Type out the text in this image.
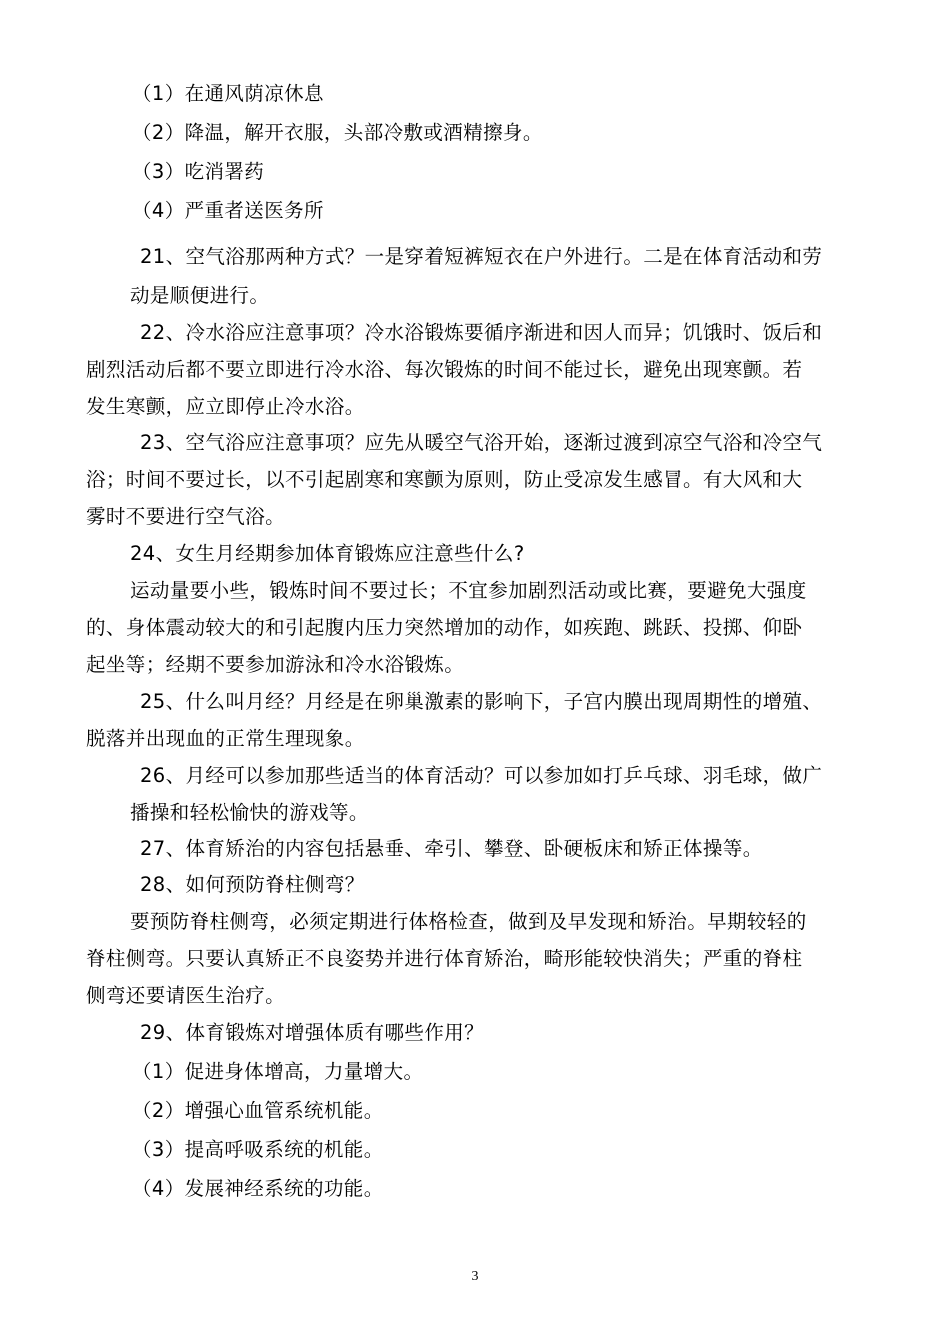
（1）在通风荫凉休息
（2）降温，解开衣服，头部冷敷或酒精擦身。
（3）吃消署药
（4）严重者送医务所
21、空气浴那两种方式？一是穿着短裤短衣在户外进行。二是在体育活动和劳
动是顺便进行。
22、冷水浴应注意事项？冷水浴锻炼要循序渐进和因人而异；饥饿时、饭后和
剧烈活动后都不要立即进行冷水浴、每次锻炼的时间不能过长，避免出现寒颤。若
发生寒颤，应立即停止冷水浴。
23、空气浴应注意事项？应先从暖空气浴开始，逐渐过渡到凉空气浴和冷空气
浴；时间不要过长，以不引起剧寒和寒颤为原则，防止受凉发生感冒。有大风和大
雾时不要进行空气浴。
24、女生月经期参加体育锻炼应注意些什么?
运动量要小些，锻炼时间不要过长；不宜参加剧烈活动或比赛，要避免大强度
的、身体震动较大的和引起腹内压力突然增加的动作，如疾跑、跳跃、投掷、仰卧
起坐等；经期不要参加游泳和冷水浴锻炼。
25、什么叫月经？月经是在卵巢激素的影响下，子宫内膜出现周期性的增殖、
脱落并出现血的正常生理现象。
26、月经可以参加那些适当的体育活动？可以参加如打乒乓球、羽毛球，做广
播操和轻松愉快的游戏等。
27、体育矫治的内容包括悬垂、牵引、攀登、卧硬板床和矫正体操等。
28、如何预防脊柱侧弯？
要预防脊柱侧弯，必须定期进行体格检查，做到及早发现和矫治。早期较轻的
脊柱侧弯。只要认真矫正不良姿势并进行体育矫治，畸形能较快消失；严重的脊柱
侧弯还要请医生治疗。
29、体育锻炼对增强体质有哪些作用？
（1）促进身体增高，力量增大。
（2）增强心血管系统机能。
（3）提高呼吸系统的机能。
（4）发展神经系统的功能。
3
